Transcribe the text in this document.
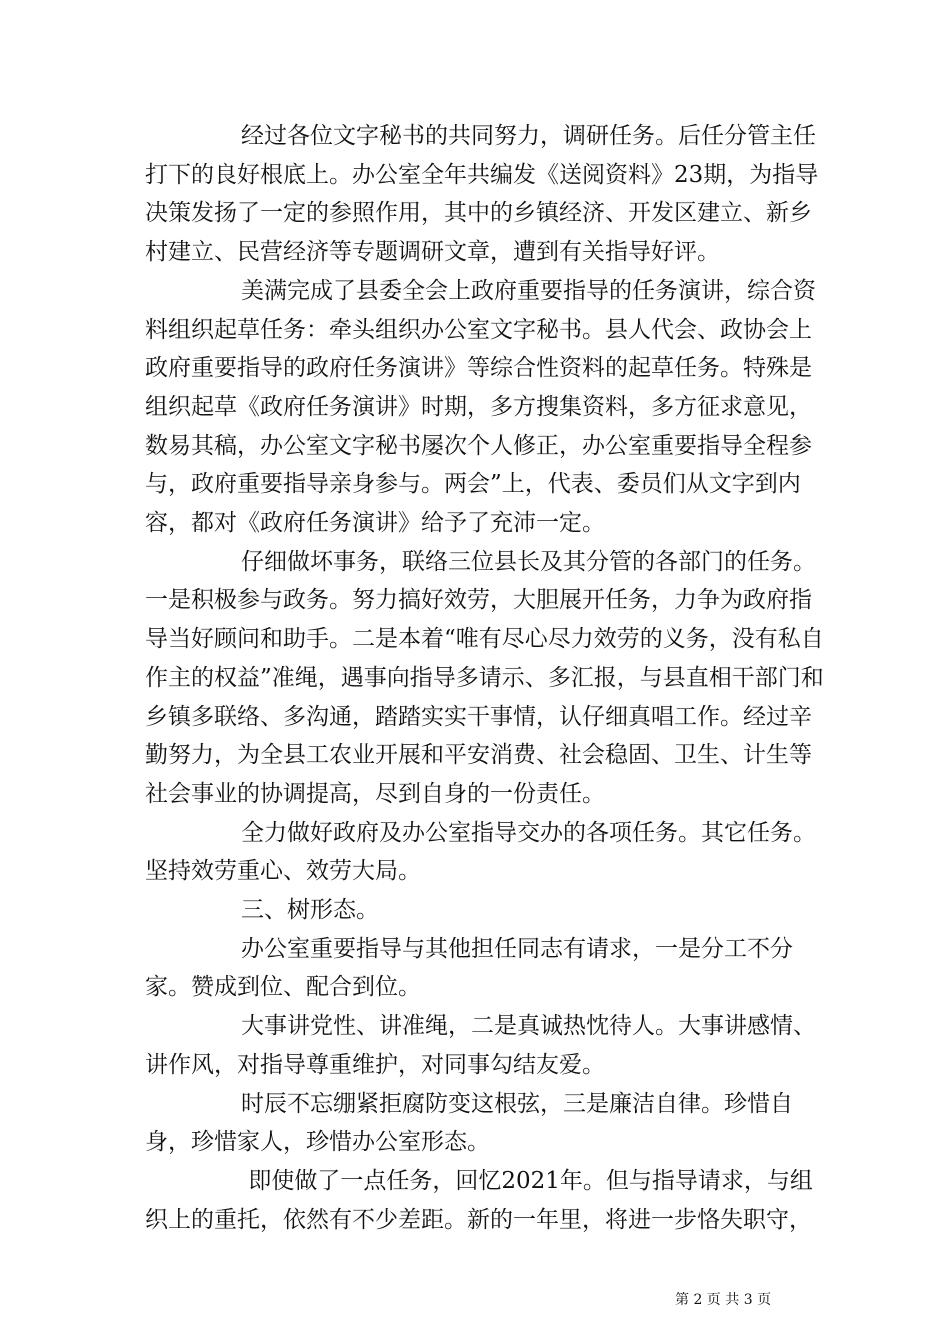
经过各位文字秘书的共同努力，调研任务。后任分管主任打下的良好根底上。办公室全年共编发《送阅资料》23期，为指导决策发扬了一定的参照作用，其中的乡镇经济、开发区建立、新乡村建立、民营经济等专题调研文章，遭到有关指导好评。

美满完成了县委全会上政府重要指导的任务演讲，综合资料组织起草任务：牵头组织办公室文字秘书。县人代会、政协会上政府重要指导的政府任务演讲》等综合性资料的起草任务。特殊是组织起草《政府任务演讲》时期，多方搜集资料，多方征求意见，数易其稿，办公室文字秘书屡次个人修正，办公室重要指导全程参与，政府重要指导亲身参与。两会”上，代表、委员们从文字到内容，都对《政府任务演讲》给予了充沛一定。

仔细做坏事务，联络三位县长及其分管的各部门的任务。一是积极参与政务。努力搞好效劳，大胆展开任务，力争为政府指导当好顾问和助手。二是本着“唯有尽心尽力效劳的义务，没有私自作主的权益”准绳，遇事向指导多请示、多汇报，与县直相干部门和乡镇多联络、多沟通，踏踏实实干事情，认仔细真唱工作。经过辛勤努力，为全县工农业开展和平安消费、社会稳固、卫生、计生等社会事业的协调提高，尽到自身的一份责任。

全力做好政府及办公室指导交办的各项任务。其它任务。坚持效劳重心、效劳大局。

三、树形态。

办公室重要指导与其他担任同志有请求，一是分工不分家。赞成到位、配合到位。

大事讲党性、讲准绳，二是真诚热忱待人。大事讲感情、讲作风，对指导尊重维护，对同事勾结友爱。

时辰不忘绷紧拒腐防变这根弦，三是廉洁自律。珍惜自身，珍惜家人，珍惜办公室形态。

即使做了一点任务，回忆2021年。但与指导请求，与组织上的重托，依然有不少差距。新的一年里，将进一步恪失职守，

第 2 页 共 3 页
